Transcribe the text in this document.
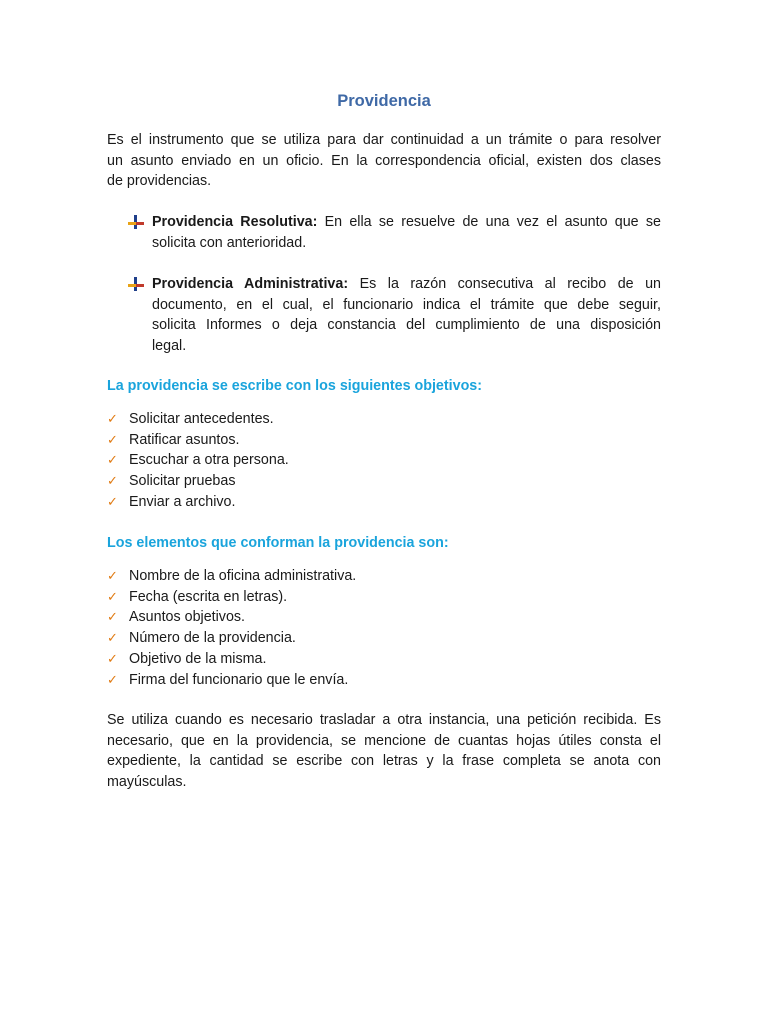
Providencia

Es el instrumento que se utiliza para dar continuidad a un trámite o para resolver
un asunto enviado en un oficio. En la correspondencia oficial, existen dos clases
de providencias.

Providencia Resolutiva: En ella se resuelve de una vez el asunto que se
solicita con anterioridad.
Providencia Administrativa: Es la razón consecutiva al recibo de un
documento, en el cual, el funcionario indica el trámite que debe seguir,
solicita Informes o deja constancia del cumplimiento de una disposición
legal.

La providencia se escribe con los siguientes objetivos:

✓ Solicitar antecedentes.
✓ Ratificar asuntos.
✓ Escuchar a otra persona.
✓ Solicitar pruebas
✓ Enviar a archivo.

Los elementos que conforman la providencia son:

✓ Nombre de la oficina administrativa.
✓ Fecha (escrita en letras).
✓ Asuntos objetivos.
✓ Número de la providencia.
✓ Objetivo de la misma.
✓ Firma del funcionario que le envía.

Se utiliza cuando es necesario trasladar a otra instancia, una petición recibida. Es
necesario, que en la providencia, se mencione de cuantas hojas útiles consta el
expediente, la cantidad se escribe con letras y la frase completa se anota con
mayúsculas.
